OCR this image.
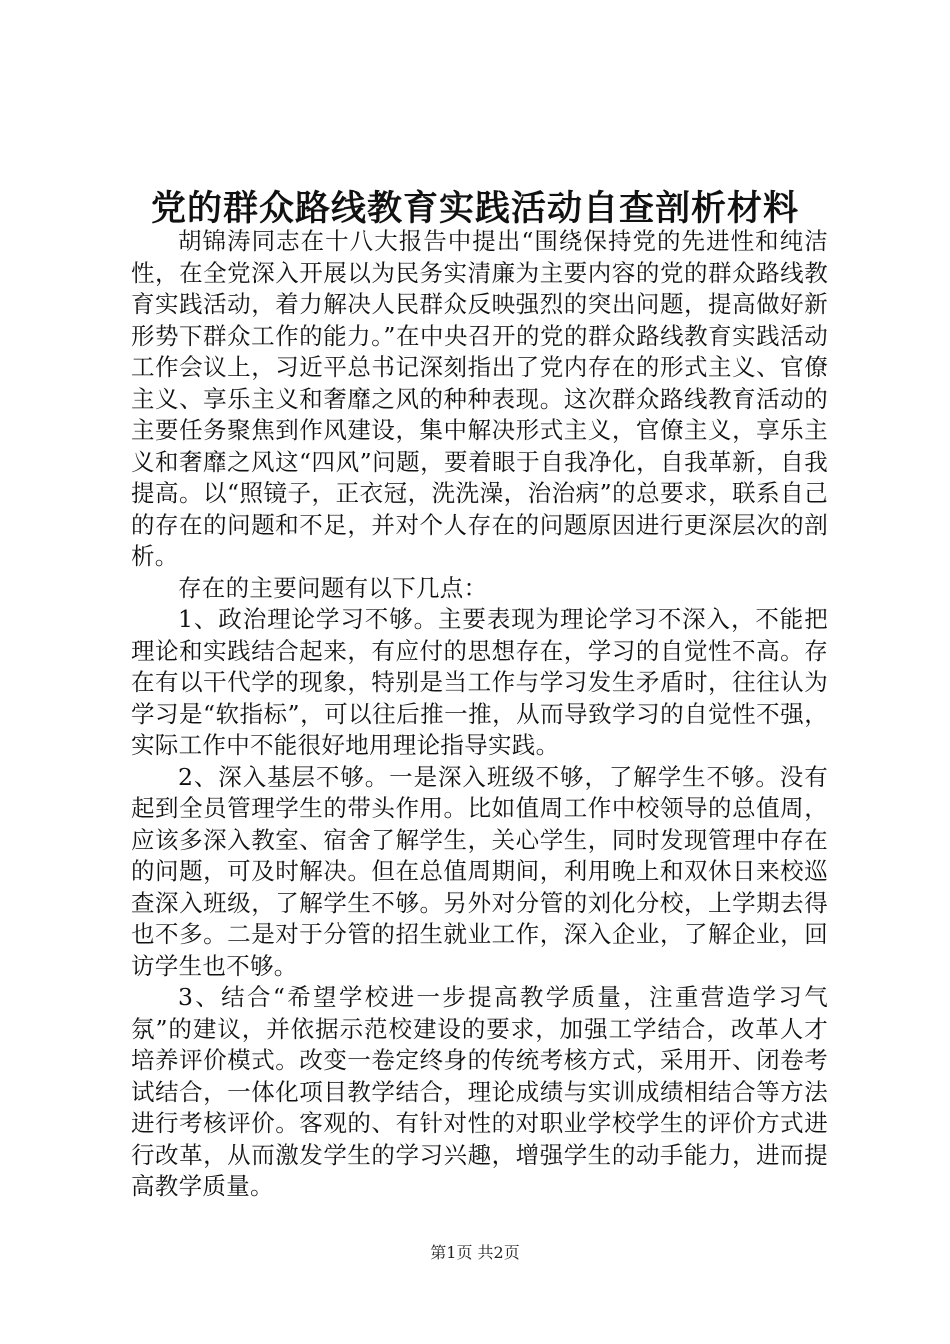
党的群众路线教育实践活动自查剖析材料

胡锦涛同志在十八大报告中提出“围绕保持党的先进性和纯洁性，在全党深入开展以为民务实清廉为主要内容的党的群众路线教育实践活动，着力解决人民群众反映强烈的突出问题，提高做好新形势下群众工作的能力。”在中央召开的党的群众路线教育实践活动工作会议上，习近平总书记深刻指出了党内存在的形式主义、官僚主义、享乐主义和奢靡之风的种种表现。这次群众路线教育活动的主要任务聚焦到作风建设，集中解决形式主义，官僚主义，享乐主义和奢靡之风这“四风”问题，要着眼于自我净化，自我革新，自我提高。以“照镜子，正衣冠，洗洗澡，治治病”的总要求，联系自己的存在的问题和不足，并对个人存在的问题原因进行更深层次的剖析。

存在的主要问题有以下几点：

1、政治理论学习不够。主要表现为理论学习不深入，不能把理论和实践结合起来，有应付的思想存在，学习的自觉性不高。存在有以干代学的现象，特别是当工作与学习发生矛盾时，往往认为学习是“软指标”，可以往后推一推，从而导致学习的自觉性不强，实际工作中不能很好地用理论指导实践。

2、深入基层不够。一是深入班级不够，了解学生不够。没有起到全员管理学生的带头作用。比如值周工作中校领导的总值周，应该多深入教室、宿舍了解学生，关心学生，同时发现管理中存在的问题，可及时解决。但在总值周期间，利用晚上和双休日来校巡查深入班级，了解学生不够。另外对分管的刘化分校，上学期去得也不多。二是对于分管的招生就业工作，深入企业，了解企业，回访学生也不够。

3、结合“希望学校进一步提高教学质量，注重营造学习气氛”的建议，并依据示范校建设的要求，加强工学结合，改革人才培养评价模式。改变一卷定终身的传统考核方式，采用开、闭卷考试结合，一体化项目教学结合，理论成绩与实训成绩相结合等方法进行考核评价。客观的、有针对性的对职业学校学生的评价方式进行改革，从而激发学生的学习兴趣，增强学生的动手能力，进而提高教学质量。

第1页 共2页
